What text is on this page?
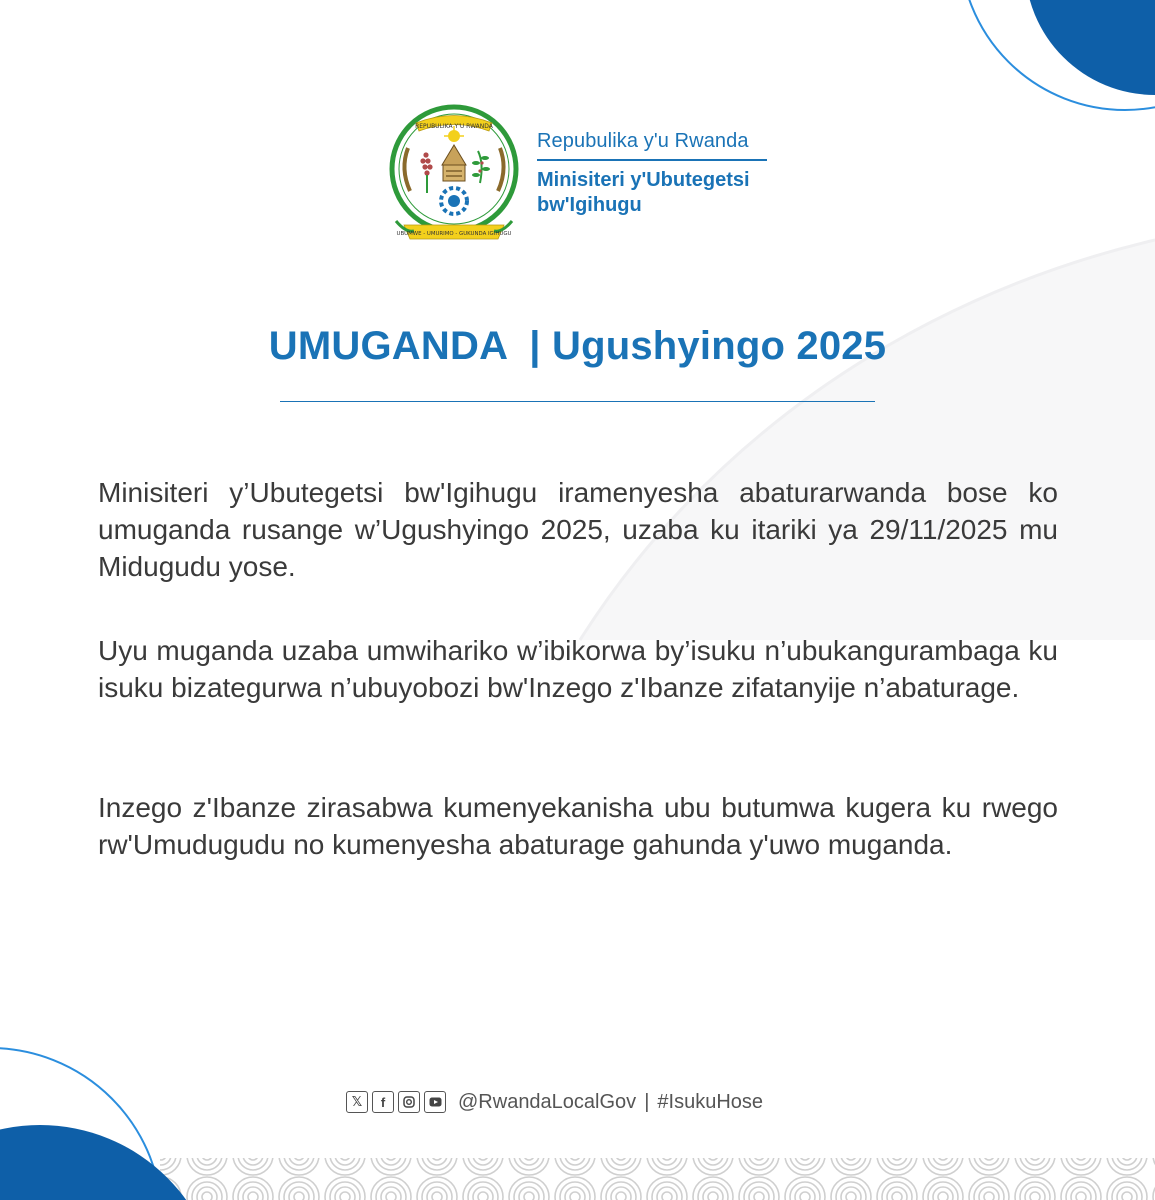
REPUBULIKA Y'U RWANDA
UBUMWE - UMURIMO - GUKUNDA IGIHUGU
Repubulika y'u Rwanda
Minisiteri y'Ubutegetsi
bw'Igihugu
UMUGANDA  | Ugushyingo 2025

Minisiteri y’Ubutegetsi bw'Igihugu iramenyesha abaturarwanda bose ko umuganda rusange w’Ugushyingo 2025, uzaba ku itariki ya 29/11/2025 mu Midugudu yose.

Uyu muganda uzaba umwihariko w’ibikorwa by’isuku n’ubukangurambaga ku isuku bizategurwa n’ubuyobozi bw'Inzego z'Ibanze zifatanyije n’abaturage.

Inzego z'Ibanze zirasabwa kumenyekanisha ubu butumwa kugera ku rwego rw'Umudugudu no kumenyesha abaturage gahunda y'uwo muganda.

𝕏	f	@RwandaLocalGov | #IsukuHose
